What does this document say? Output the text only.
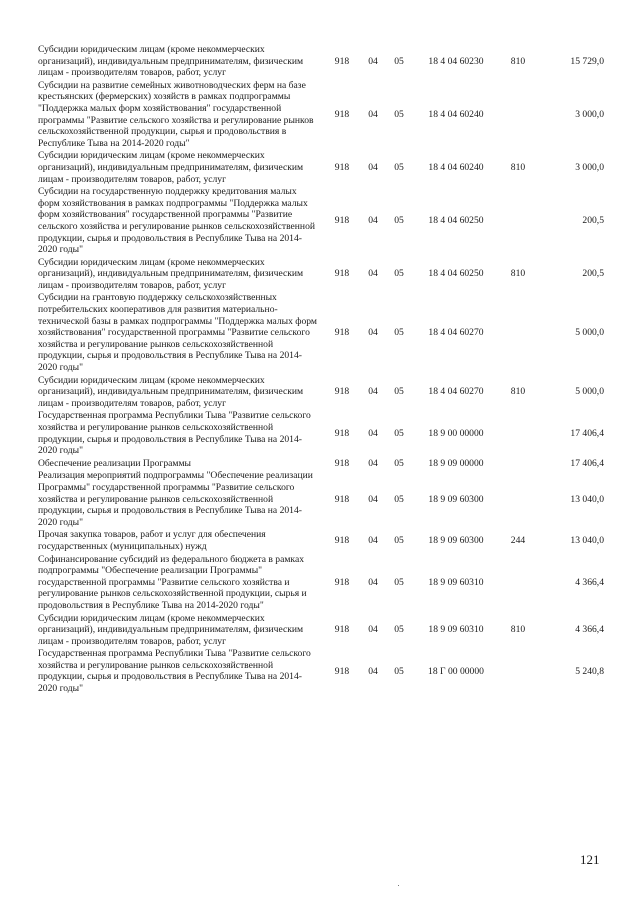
Субсидии юридическим лицам (кроме некоммерческих организаций), индивидуальным предпринимателям, физическим лицам - производителям товаров, работ, услуг	918	04	05	18 4 04 60230	810	15 729,0
Субсидии на развитие семейных животноводческих ферм на базе крестьянских (фермерских) хозяйств в рамках подпрограммы "Поддержка малых форм хозяйствования" государственной программы "Развитие сельского хозяйства и регулирование рынков сельскохозяйственной продукции, сырья и продовольствия в Республике Тыва на 2014-2020 годы"	918	04	05	18 4 04 60240		3 000,0
Субсидии юридическим лицам (кроме некоммерческих организаций), индивидуальным предпринимателям, физическим лицам - производителям товаров, работ, услуг	918	04	05	18 4 04 60240	810	3 000,0
Субсидии на государственную поддержку кредитования малых форм хозяйствования в рамках подпрограммы "Поддержка малых форм хозяйствования" государственной программы "Развитие сельского хозяйства и регулирование рынков сельскохозяйственной продукции, сырья и продовольствия в Республике Тыва на 2014-2020 годы"	918	04	05	18 4 04 60250		200,5
Субсидии юридическим лицам (кроме некоммерческих организаций), индивидуальным предпринимателям, физическим лицам - производителям товаров, работ, услуг	918	04	05	18 4 04 60250	810	200,5
Субсидии на грантовую поддержку сельскохозяйственных потребительских кооперативов для развития материально-технической базы в рамках подпрограммы "Поддержка малых форм хозяйствования" государственной программы "Развитие сельского хозяйства и регулирование рынков сельскохозяйственной продукции, сырья и продовольствия в Республике Тыва на 2014-2020 годы"	918	04	05	18 4 04 60270		5 000,0
Субсидии юридическим лицам (кроме некоммерческих организаций), индивидуальным предпринимателям, физическим лицам - производителям товаров, работ, услуг	918	04	05	18 4 04 60270	810	5 000,0
Государственная программа Республики Тыва "Развитие сельского хозяйства и регулирование рынков сельскохозяйственной продукции, сырья и продовольствия в Республике Тыва на 2014-2020 годы"	918	04	05	18 9 00 00000		17 406,4
Обеспечение реализации Программы	918	04	05	18 9 09 00000		17 406,4
Реализация мероприятий подпрограммы "Обеспечение реализации Программы" государственной программы "Развитие сельского хозяйства и регулирование рынков сельскохозяйственной продукции, сырья и продовольствия в Республике Тыва на 2014-2020 годы"	918	04	05	18 9 09 60300		13 040,0
Прочая закупка товаров, работ и услуг для обеспечения государственных (муниципальных) нужд	918	04	05	18 9 09 60300	244	13 040,0
Софинансирование субсидий из федерального бюджета в рамках подпрограммы "Обеспечение реализации Программы" государственной программы "Развитие сельского хозяйства и регулирование рынков сельскохозяйственной продукции, сырья и продовольствия в Республике Тыва на 2014-2020 годы"	918	04	05	18 9 09 60310		4 366,4
Субсидии юридическим лицам (кроме некоммерческих организаций), индивидуальным предпринимателям, физическим лицам - производителям товаров, работ, услуг	918	04	05	18 9 09 60310	810	4 366,4
Государственная программа Республики Тыва "Развитие сельского хозяйства и регулирование рынков сельскохозяйственной продукции, сырья и продовольствия в Республике Тыва на 2014-2020 годы"	918	04	05	18 Г 00 00000		5 240,8
121
